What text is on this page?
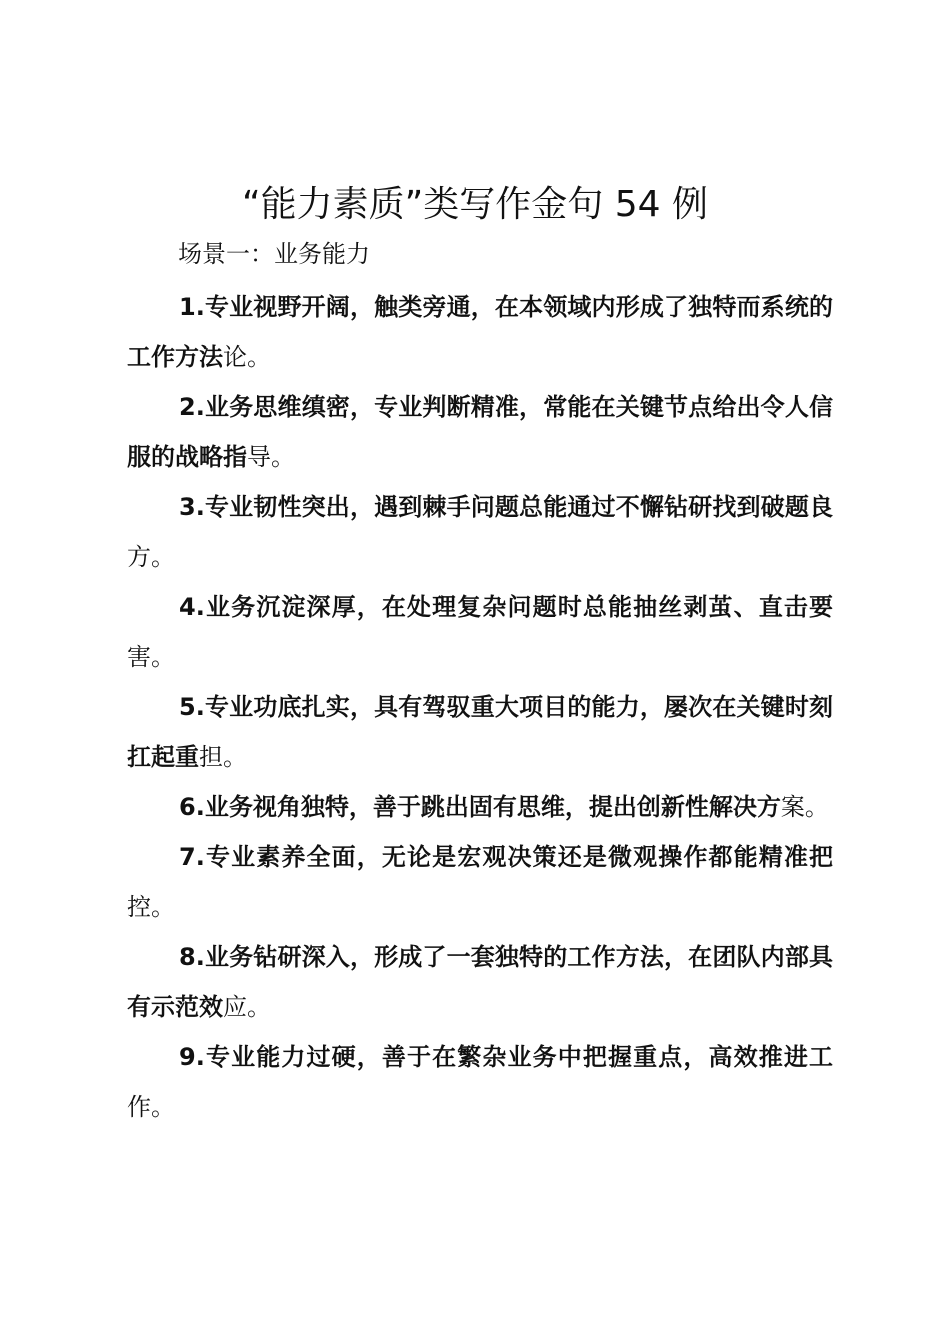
“能力素质”类写作金句 54 例
场景一：业务能力
1.专业视野开阔，触类旁通，在本领域内形成了独特而系统的工作方法论。
2.业务思维缜密，专业判断精准，常能在关键节点给出令人信服的战略指导。
3.专业韧性突出，遇到棘手问题总能通过不懈钻研找到破题良方。
4.业务沉淀深厚，在处理复杂问题时总能抽丝剥茧、直击要害。
5.专业功底扎实，具有驾驭重大项目的能力，屡次在关键时刻扛起重担。
6.业务视角独特，善于跳出固有思维，提出创新性解决方案。
7.专业素养全面，无论是宏观决策还是微观操作都能精准把控。
8.业务钻研深入，形成了一套独特的工作方法，在团队内部具有示范效应。
9.专业能力过硬，善于在繁杂业务中把握重点，高效推进工作。
